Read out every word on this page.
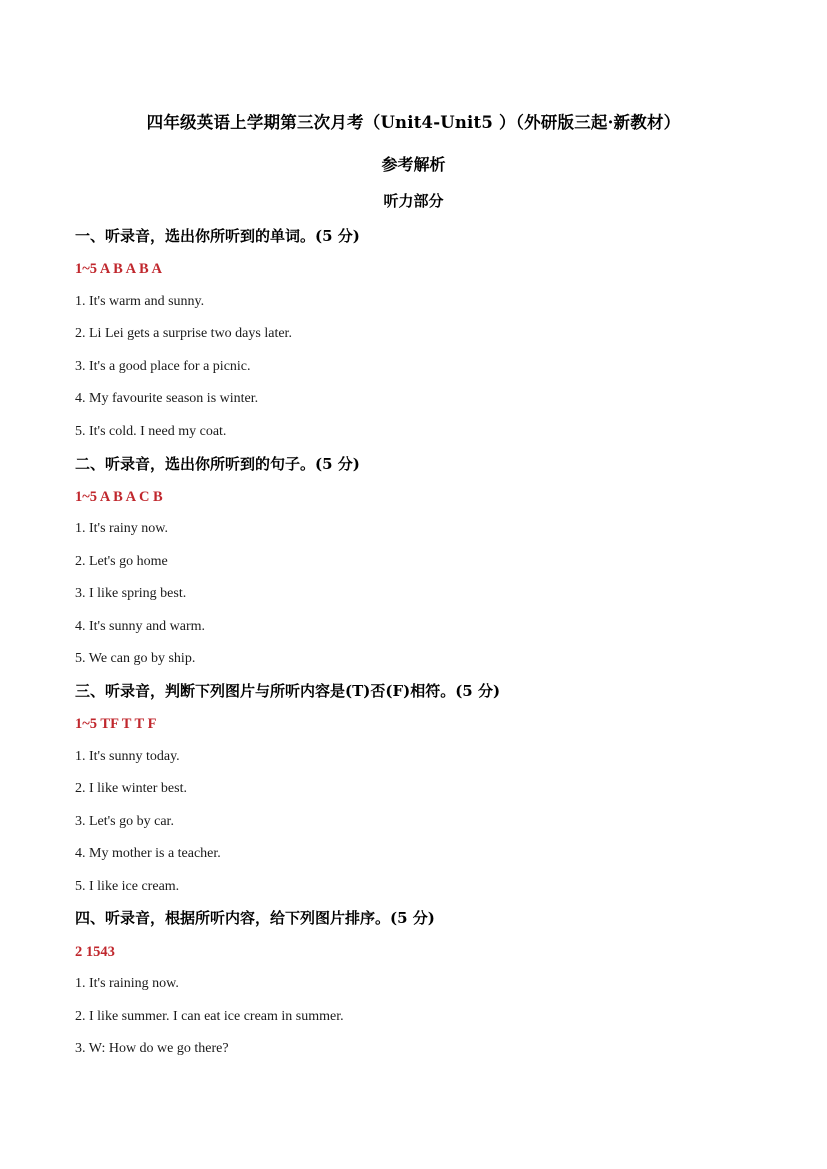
四年级英语上学期第三次月考（Unit4-Unit5 ）（外研版三起·新教材）
参考解析
听力部分
一、听录音，选出你所听到的单词。(5 分)
1~5 A B A B A
1. It's warm and sunny.
2. Li Lei gets a surprise two days later.
3. It's a good place for a picnic.
4. My favourite season is winter.
5. It's cold. I need my coat.
二、听录音，选出你所听到的句子。(5 分)
1~5 A B A C B
1. It's rainy now.
2. Let's go home
3. I like spring best.
4. It's sunny and warm.
5. We can go by ship.
三、听录音，判断下列图片与所听内容是(T)否(F)相符。(5 分)
1~5 TF T T F
1. It's sunny today.
2. I like winter best.
3. Let's go by car.
4. My mother is a teacher.
5. I like ice cream.
四、听录音，根据所听内容，给下列图片排序。(5 分)
2 1543
1. It's raining now.
2. I like summer. I can eat ice cream in summer.
3. W: How do we go there?
